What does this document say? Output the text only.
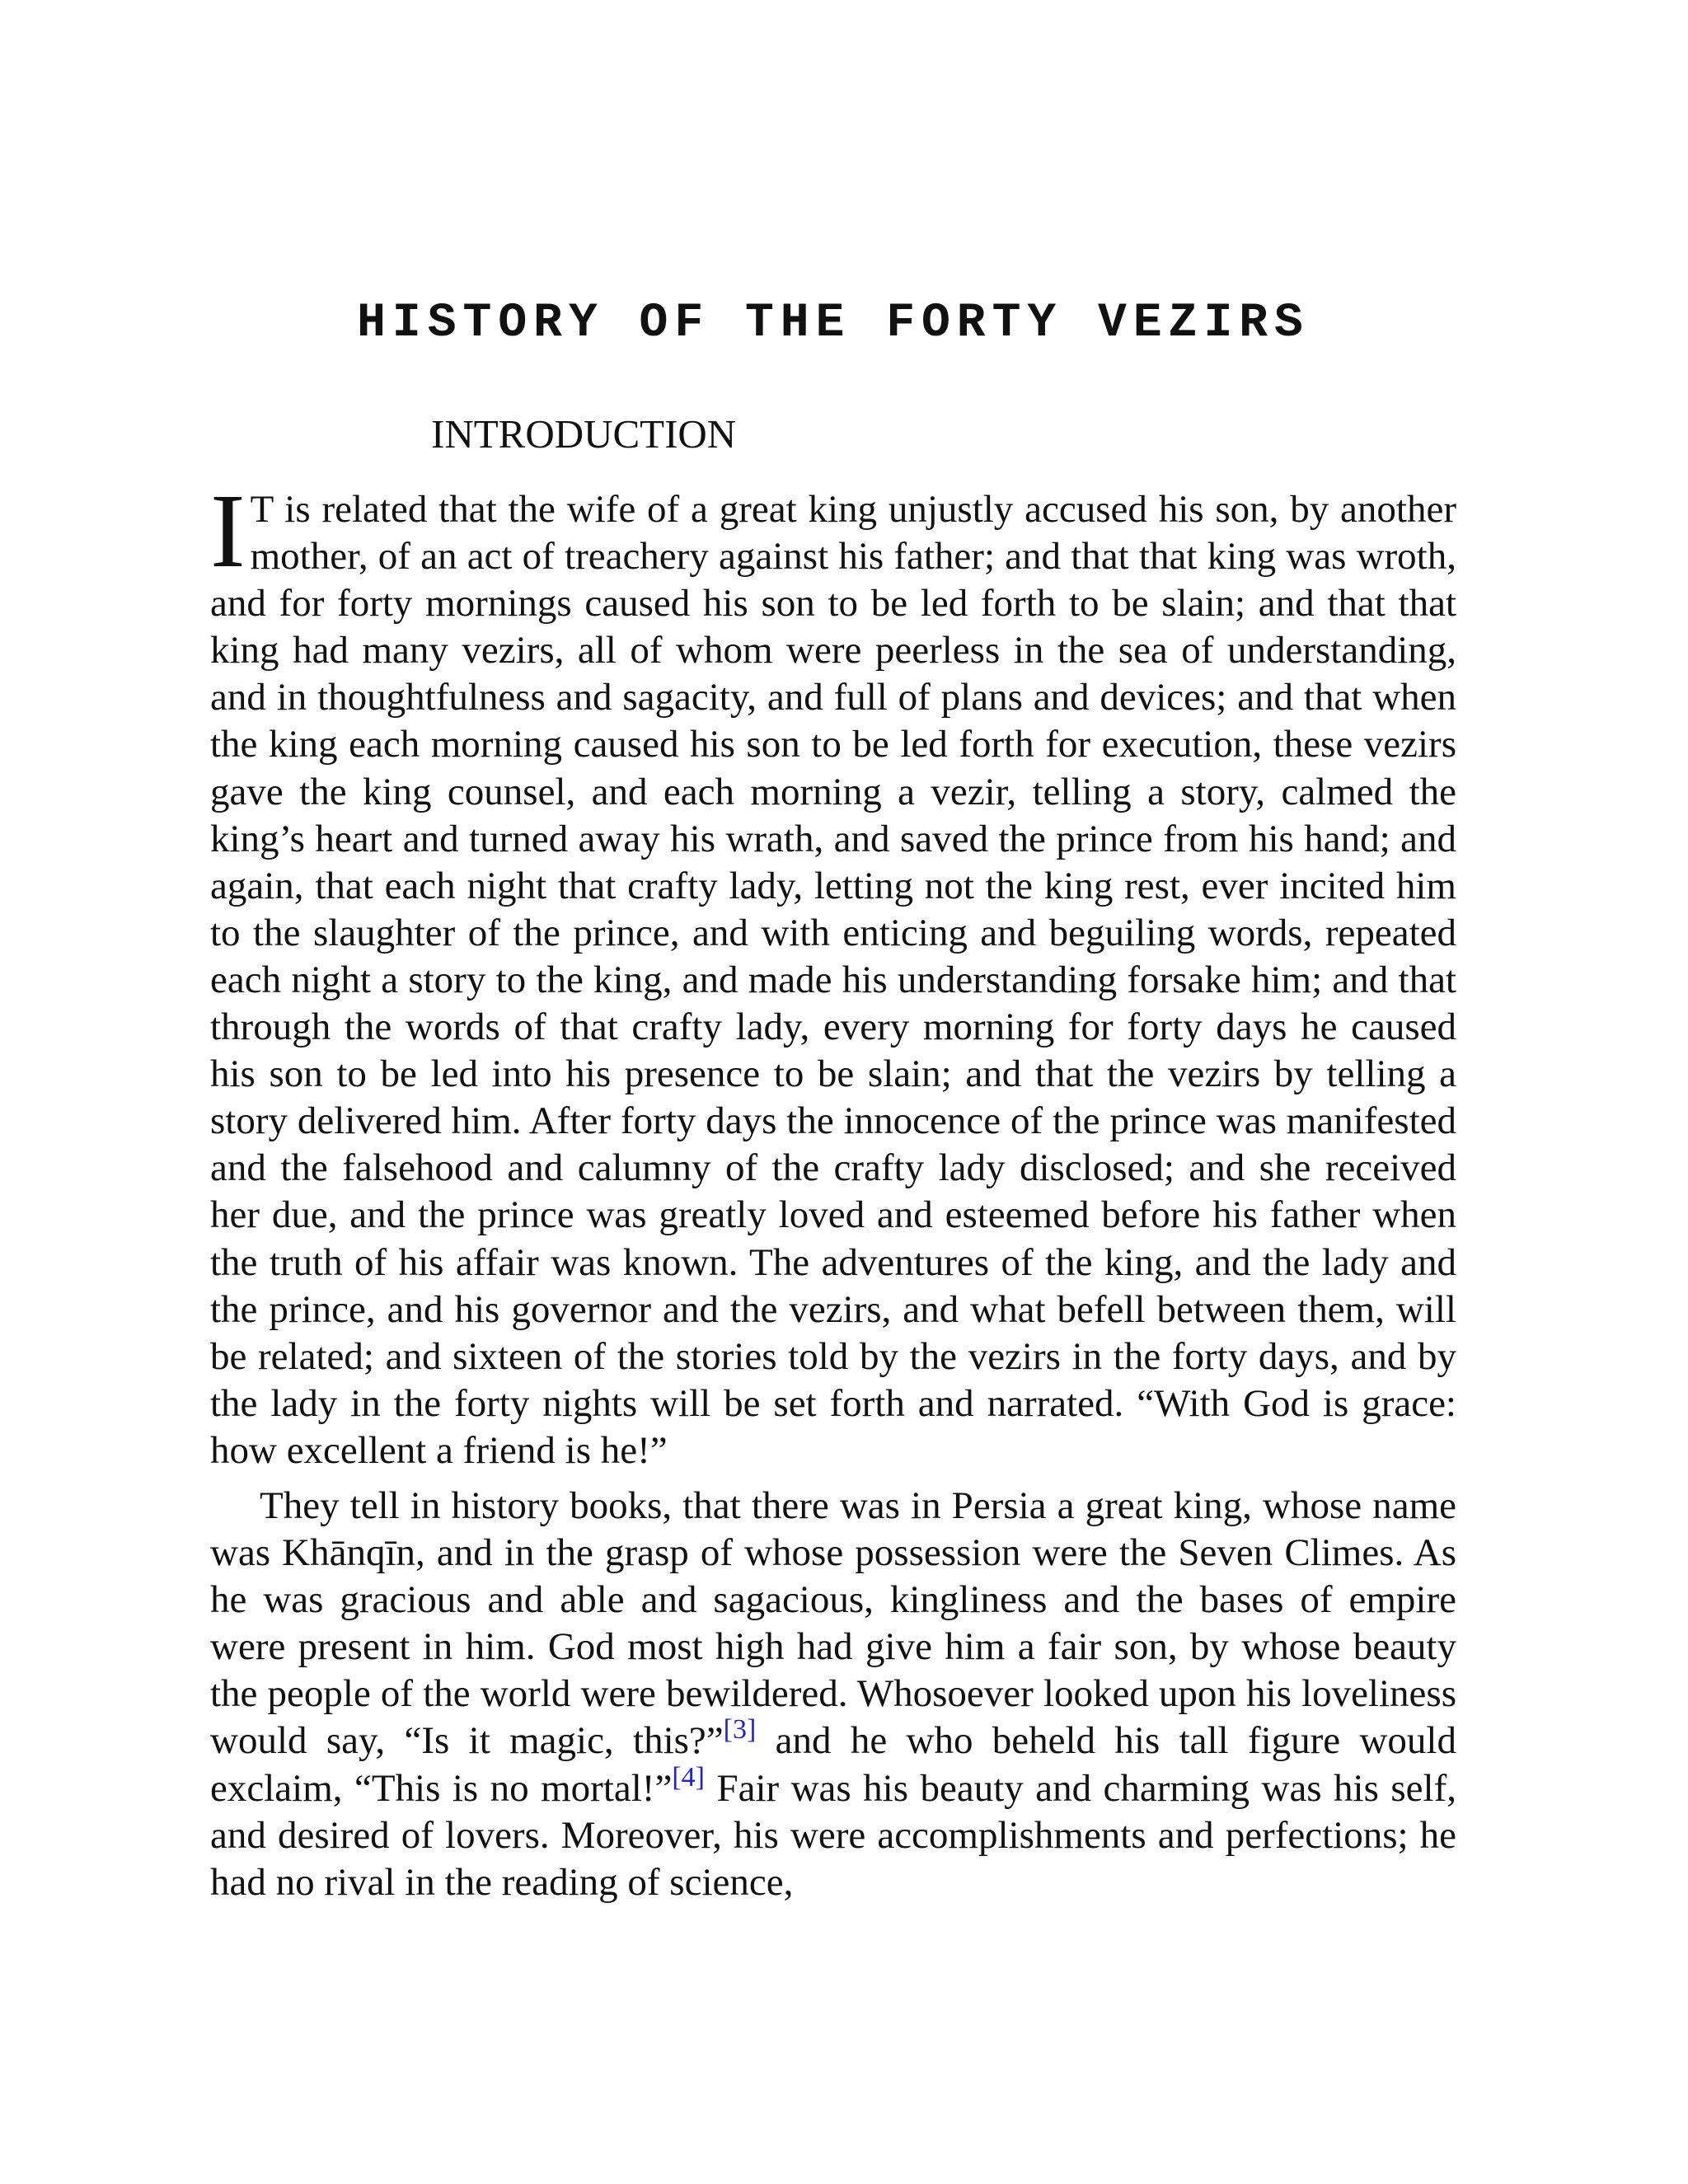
HISTORY OF THE FORTY VEZIRS
INTRODUCTION

I T is related that the wife of a great king unjustly accused his son, by another mother, of an act of treachery against his father; and that that king was wroth, and for forty mornings caused his son to be led forth to be slain; and that that king had many vezirs, all of whom were peerless in the sea of understanding, and in thoughtfulness and sagacity, and full of plans and devices; and that when the king each morning caused his son to be led forth for execution, these vezirs gave the king counsel, and each morning a vezir, telling a story, calmed the king’s heart and turned away his wrath, and saved the prince from his hand; and again, that each night that crafty lady, letting not the king rest, ever incited him to the slaughter of the prince, and with enticing and beguiling words, repeated each night a story to the king, and made his understanding forsake him; and that through the words of that crafty lady, every morning for forty days he caused his son to be led into his presence to be slain; and that the vezirs by telling a story delivered him. After forty days the innocence of the prince was manifested and the falsehood and calumny of the crafty lady disclosed; and she received her due, and the prince was greatly loved and esteemed before his father when the truth of his affair was known. The adventures of the king, and the lady and the prince, and his governor and the vezirs, and what befell between them, will be related; and sixteen of the stories told by the vezirs in the forty days, and by the lady in the forty nights will be set forth and narrated. “With God is grace: how excellent a friend is he!”

They tell in history books, that there was in Persia a great king, whose name was Khānqīn, and in the grasp of whose possession were the Seven Climes. As he was gracious and able and sagacious, kingliness and the bases of empire were present in him. God most high had give him a fair son, by whose beauty the people of the world were bewildered. Whosoever looked upon his loveliness would say, “Is it magic, this?”[3] and he who beheld his tall figure would exclaim, “This is no mortal!”[4] Fair was his beauty and charming was his self, and desired of lovers. Moreover, his were accomplishments and perfections; he had no rival in the reading of science,
